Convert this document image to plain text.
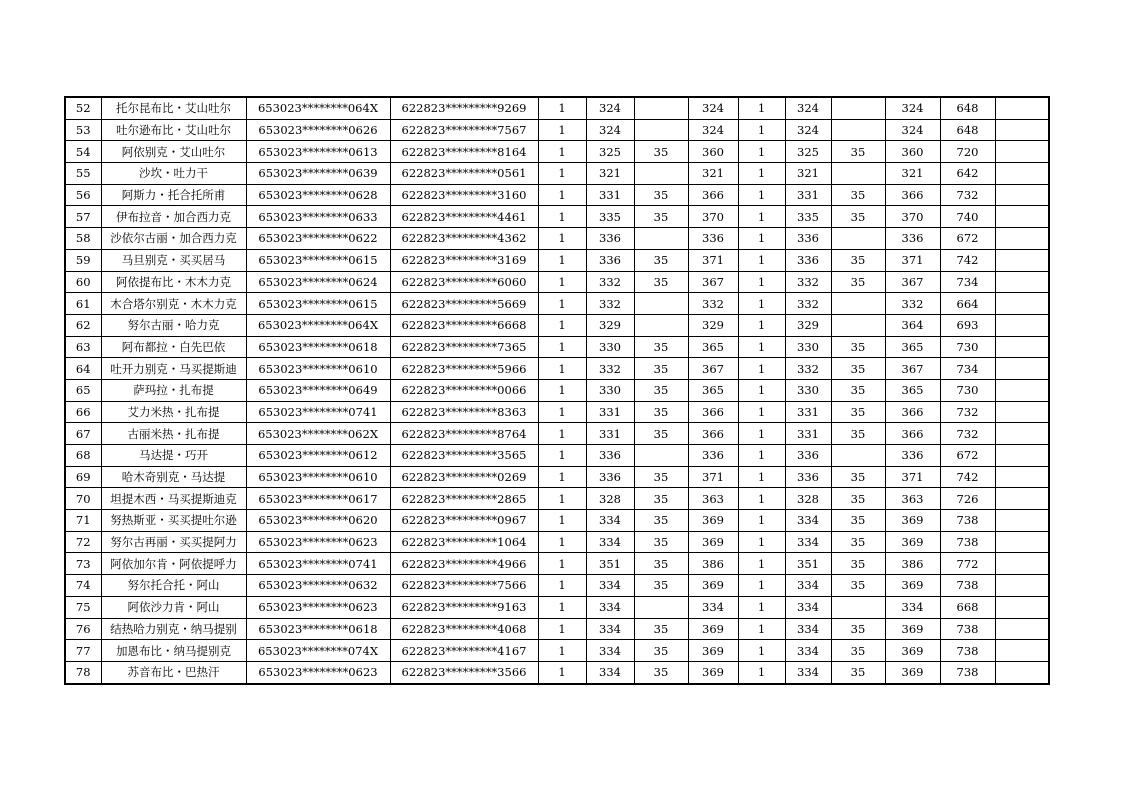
52	托尔昆布比・艾山吐尔	653023********064X	622823*********9269	1	324		324	1	324		324	648	
53	吐尔逊布比・艾山吐尔	653023********0626	622823*********7567	1	324		324	1	324		324	648	
54	阿依别克・艾山吐尔	653023********0613	622823*********8164	1	325	35	360	1	325	35	360	720	
55	沙坎・吐力干	653023********0639	622823*********0561	1	321		321	1	321		321	642	
56	阿斯力・托合托所甫	653023********0628	622823*********3160	1	331	35	366	1	331	35	366	732	
57	伊布拉音・加合西力克	653023********0633	622823*********4461	1	335	35	370	1	335	35	370	740	
58	沙依尔古丽・加合西力克	653023********0622	622823*********4362	1	336		336	1	336		336	672	
59	马旦别克・买买居马	653023********0615	622823*********3169	1	336	35	371	1	336	35	371	742	
60	阿依提布比・木木力克	653023********0624	622823*********6060	1	332	35	367	1	332	35	367	734	
61	木合塔尔别克・木木力克	653023********0615	622823*********5669	1	332		332	1	332		332	664	
62	努尔古丽・哈力克	653023********064X	622823*********6668	1	329		329	1	329		364	693	
63	阿布都拉・白先巴依	653023********0618	622823*********7365	1	330	35	365	1	330	35	365	730	
64	吐开力别克・马买提斯迪	653023********0610	622823*********5966	1	332	35	367	1	332	35	367	734	
65	萨玛拉・扎布提	653023********0649	622823*********0066	1	330	35	365	1	330	35	365	730	
66	艾力米热・扎布提	653023********0741	622823*********8363	1	331	35	366	1	331	35	366	732	
67	古丽米热・扎布提	653023********062X	622823*********8764	1	331	35	366	1	331	35	366	732	
68	马达提・巧开	653023********0612	622823*********3565	1	336		336	1	336		336	672	
69	哈木奇别克・马达提	653023********0610	622823*********0269	1	336	35	371	1	336	35	371	742	
70	坦提木西・马买提斯迪克	653023********0617	622823*********2865	1	328	35	363	1	328	35	363	726	
71	努热斯亚・买买提吐尔逊	653023********0620	622823*********0967	1	334	35	369	1	334	35	369	738	
72	努尔古再丽・买买提阿力	653023********0623	622823*********1064	1	334	35	369	1	334	35	369	738	
73	阿依加尔肯・阿依提呼力	653023********0741	622823*********4966	1	351	35	386	1	351	35	386	772	
74	努尔托合托・阿山	653023********0632	622823*********7566	1	334	35	369	1	334	35	369	738	
75	阿依沙力肯・阿山	653023********0623	622823*********9163	1	334		334	1	334		334	668	
76	结热哈力别克・纳马提别	653023********0618	622823*********4068	1	334	35	369	1	334	35	369	738	
77	加恩布比・纳马提别克	653023********074X	622823*********4167	1	334	35	369	1	334	35	369	738	
78	苏音布比・巴热汗	653023********0623	622823*********3566	1	334	35	369	1	334	35	369	738	
